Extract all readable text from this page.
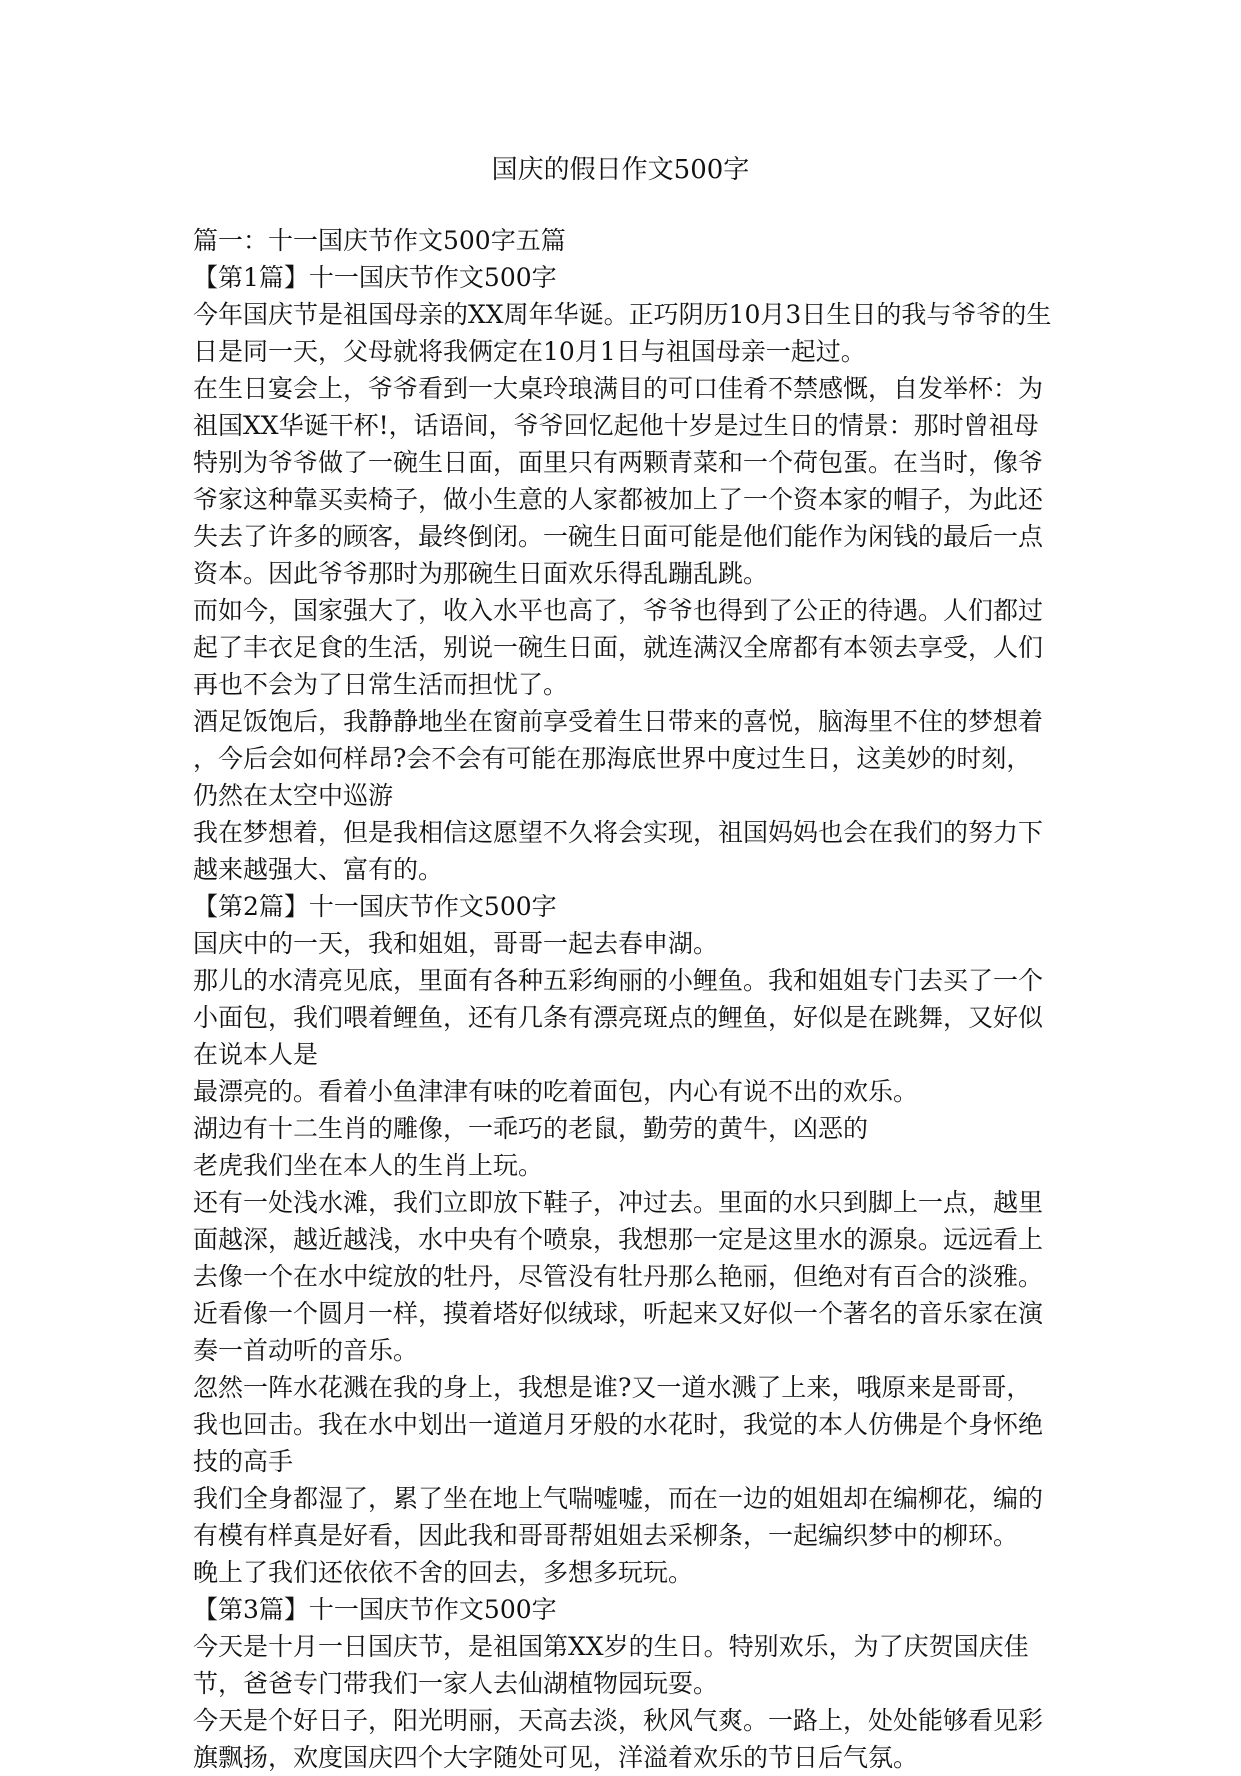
国庆的假日作文500字

篇一：十一国庆节作文500字五篇

【第1篇】十一国庆节作文500字

今年国庆节是祖国母亲的XX周年华诞。正巧阴历10月3日生日的我与爷爷的生

日是同一天，父母就将我俩定在10月1日与祖国母亲一起过。

在生日宴会上，爷爷看到一大桌玲琅满目的可口佳肴不禁感慨，自发举杯：为

祖国XX华诞干杯!，话语间，爷爷回忆起他十岁是过生日的情景：那时曾祖母

特别为爷爷做了一碗生日面，面里只有两颗青菜和一个荷包蛋。在当时，像爷

爷家这种靠买卖椅子，做小生意的人家都被加上了一个资本家的帽子，为此还

失去了许多的顾客，最终倒闭。一碗生日面可能是他们能作为闲钱的最后一点

资本。因此爷爷那时为那碗生日面欢乐得乱蹦乱跳。

而如今，国家强大了，收入水平也高了，爷爷也得到了公正的待遇。人们都过

起了丰衣足食的生活，别说一碗生日面，就连满汉全席都有本领去享受，人们

再也不会为了日常生活而担忧了。

酒足饭饱后，我静静地坐在窗前享受着生日带来的喜悦，脑海里不住的梦想着

，今后会如何样昂?会不会有可能在那海底世界中度过生日，这美妙的时刻，

仍然在太空中巡游

我在梦想着，但是我相信这愿望不久将会实现，祖国妈妈也会在我们的努力下

越来越强大、富有的。

【第2篇】十一国庆节作文500字

国庆中的一天，我和姐姐，哥哥一起去春申湖。

那儿的水清亮见底，里面有各种五彩绚丽的小鲤鱼。我和姐姐专门去买了一个

小面包，我们喂着鲤鱼，还有几条有漂亮斑点的鲤鱼，好似是在跳舞，又好似

在说本人是

最漂亮的。看着小鱼津津有味的吃着面包，内心有说不出的欢乐。

湖边有十二生肖的雕像，一乖巧的老鼠，勤劳的黄牛，凶恶的

老虎我们坐在本人的生肖上玩。

还有一处浅水滩，我们立即放下鞋子，冲过去。里面的水只到脚上一点，越里

面越深，越近越浅，水中央有个喷泉，我想那一定是这里水的源泉。远远看上

去像一个在水中绽放的牡丹，尽管没有牡丹那么艳丽，但绝对有百合的淡雅。

近看像一个圆月一样，摸着塔好似绒球，听起来又好似一个著名的音乐家在演

奏一首动听的音乐。

忽然一阵水花溅在我的身上，我想是谁?又一道水溅了上来，哦原来是哥哥，

我也回击。我在水中划出一道道月牙般的水花时，我觉的本人仿佛是个身怀绝

技的高手

我们全身都湿了，累了坐在地上气喘嘘嘘，而在一边的姐姐却在编柳花，编的

有模有样真是好看，因此我和哥哥帮姐姐去采柳条，一起编织梦中的柳环。

晚上了我们还依依不舍的回去，多想多玩玩。

【第3篇】十一国庆节作文500字

今天是十月一日国庆节，是祖国第XX岁的生日。特别欢乐，为了庆贺国庆佳

节，爸爸专门带我们一家人去仙湖植物园玩耍。

今天是个好日子，阳光明丽，天高去淡，秋风气爽。一路上，处处能够看见彩

旗飘扬，欢度国庆四个大字随处可见，洋溢着欢乐的节日后气氛。
